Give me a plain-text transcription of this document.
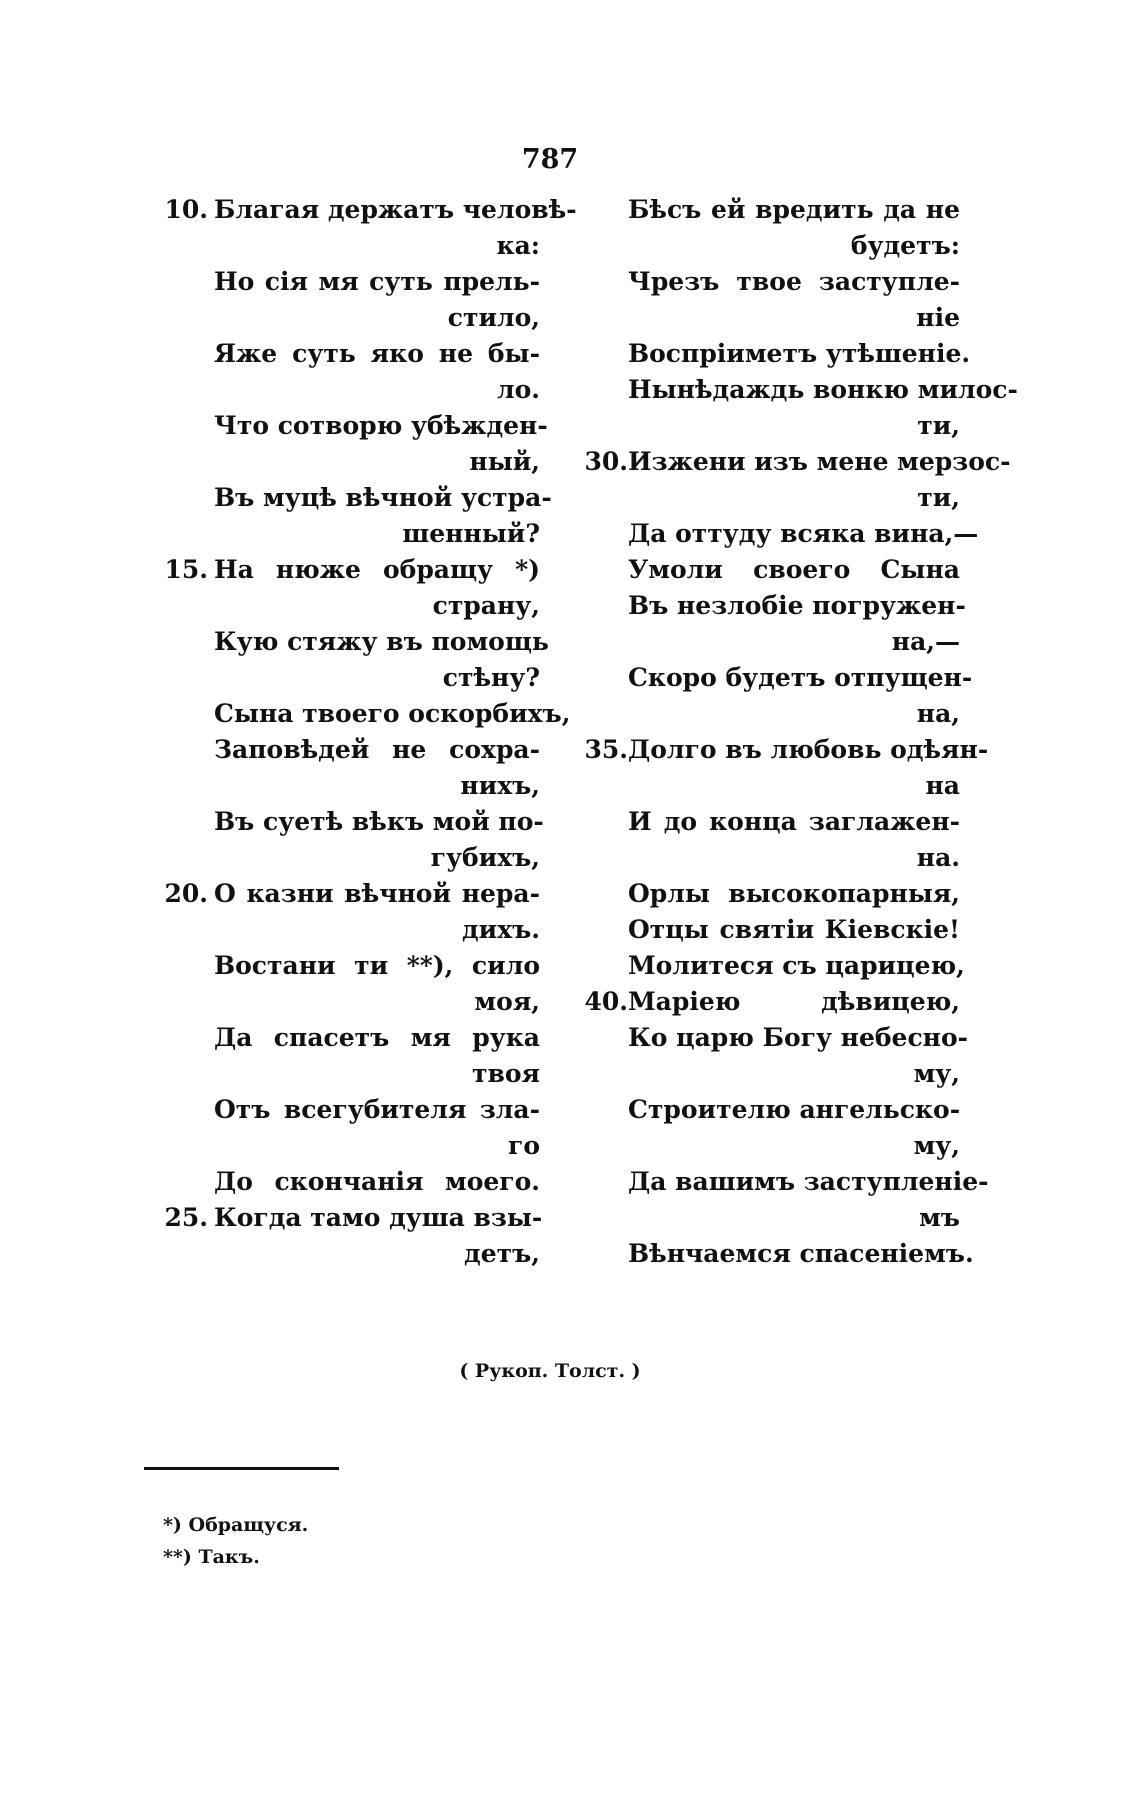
787
10. Благая держатъ человѣ-
ка:
Но сія мя суть прель-
стило,
Яже суть яко не бы-
ло.
Что сотворю убѣжден-
ный,
Въ муцѣ вѣчной устра-
шенный?
15. На нюже обращу *)
страну,
Кую стяжу въ помощь
стѣну?
Сына твоего оскорбихъ,
Заповѣдей не сохра-
нихъ,
Въ суетѣ вѣкъ мой по-
губихъ,
20. О казни вѣчной нера-
дихъ.
Востани ти **), сило
моя,
Да спасетъ мя рука
твоя
Отъ всегубителя зла-
го
До скончанія моего.
25. Когда тамо душа взы-
детъ,
Бѣсъ ей вредить да не
будетъ:
Чрезъ твое заступле-
ніе
Воспріиметъ утѣшеніе.
Нынѣдаждь вонкю милос-
ти,
30. Изжени изъ мене мерзос-
ти,
Да оттуду всяка вина,—
Умоли своего Сына
Въ незлобіе погружен-
на,—
Скоро будетъ отпущен-
на,
35. Долго въ любовь одѣян-
на
И до конца заглажен-
на.
Орлы высокопарныя,
Отцы святіи Кіевскіе!
Молитеся съ царицею,
40. Маріею дѣвицею,
Ко царю Богу небесно-
му,
Строителю ангельско-
му,
Да вашимъ заступленіе-
мъ
Вѣнчаемся спасеніемъ.
( Рукоп. Толст. )
*) Обращуся.
**) Такъ.
